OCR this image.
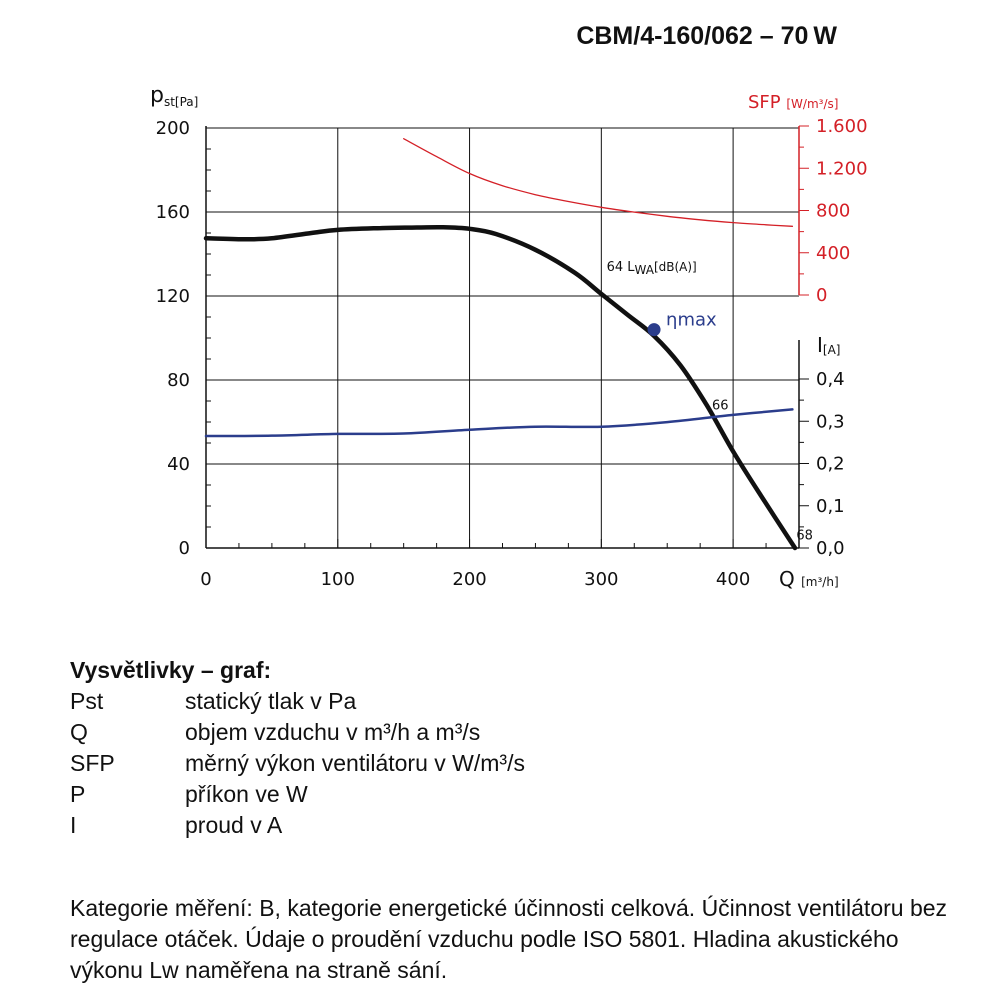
CBM/4-160/062 – 70 W
0
40
80
120
160
200
0	100	200	300	400
0
400
800
1.200
1.600
0,0
0,1
0,2
0,3
0,4
pst[Pa]	SFP [W/m³/s]
I[A]
Q [m³/h]
ηmax
64 LWA[dB(A)]
66
68
Vysvětlivky – graf:
Pst	statický tlak v Pa
Q	objem vzduchu v m³/h a m³/s
SFP	měrný výkon ventilátoru v W/m³/s
P	příkon ve W
I	proud v A
Kategorie měření: B, kategorie energetické účinnosti celková. Účinnost ventilátoru bez regulace otáček. Údaje o proudění vzduchu podle ISO 5801. Hladina akustického výkonu Lw naměřena na straně sání.
